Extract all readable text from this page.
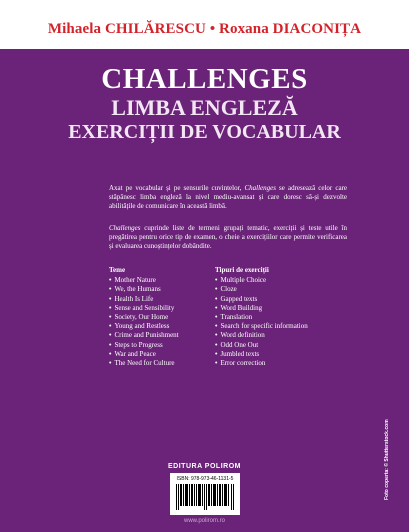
Mihaela CHILĂRESCU • Roxana DIACONIȚA
CHALLENGES
LIMBA ENGLEZĂ
EXERCIȚII DE VOCABULAR
Axat pe vocabular și pe sensurile cuvintelor, Challenges se adresează celor care stăpânesc limba engleză la nivel mediu-avansat și care doresc să-și dezvolte abilitățile de comunicare în această limbă.
Challenges cuprinde liste de termeni grupați tematic, exerciții și teste utile în pregătirea pentru orice tip de examen, o cheie a exercițiilor care permite verificarea și evaluarea cunoștințelor dobândite.
Teme
• Mother Nature
• We, the Humans
• Health Is Life
• Sense and Sensibility
• Society, Our Home
• Young and Restless
• Crime and Punishment
• Steps to Progress
• War and Peace
• The Need for Culture
Tipuri de exerciții
• Multiple Choice
• Cloze
• Gapped texts
• Word Building
• Translation
• Search for specific information
• Word definition
• Odd One Out
• Jumbled texts
• Error correction
EDITURA POLIROM
ISBN: 978-973-46-1131-5
www.polirom.ro
Foto coperta: © Shutterstock.com
